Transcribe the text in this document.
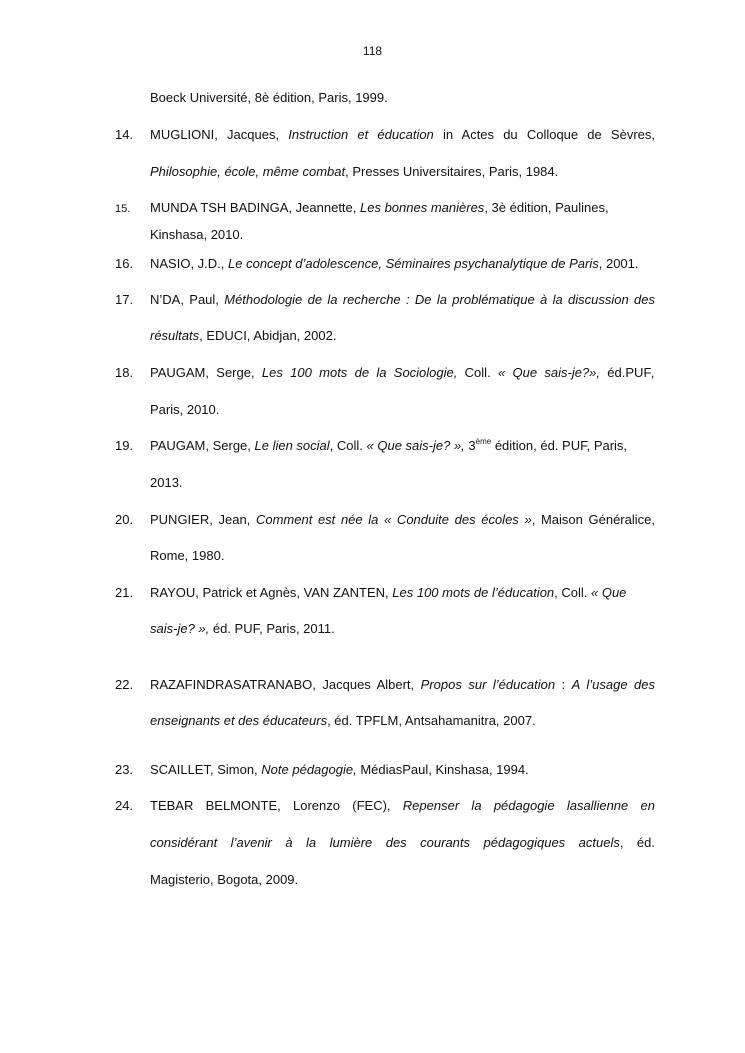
118
Boeck Université, 8è édition, Paris, 1999.
14. MUGLIONI, Jacques, Instruction et éducation in Actes du Colloque de Sèvres,
Philosophie, école, même combat, Presses Universitaires, Paris, 1984.
15. MUNDA TSH BADINGA, Jeannette, Les bonnes manières, 3è édition, Paulines,
Kinshasa, 2010.
16. NASIO, J.D., Le concept d’adolescence, Séminaires psychanalytique de Paris, 2001.
17. N’DA, Paul, Méthodologie de la recherche : De la problématique à la discussion des
résultats, EDUCI, Abidjan, 2002.
18. PAUGAM, Serge, Les 100 mots de la Sociologie, Coll. « Que sais-je?», éd.PUF,
Paris, 2010.
19. PAUGAM, Serge, Le lien social, Coll. « Que sais-je? », 3ème édition, éd. PUF, Paris,
2013.
20. PUNGIER, Jean, Comment est née la « Conduite des écoles », Maison Généralice,
Rome, 1980.
21. RAYOU, Patrick et Agnès, VAN ZANTEN, Les 100 mots de l’éducation, Coll. « Que
sais-je? », éd. PUF, Paris, 2011.
22. RAZAFINDRASATRANABO, Jacques Albert, Propos sur l’éducation : A l’usage des
enseignants et des éducateurs, éd. TPFLM, Antsahamanitra, 2007.
23. SCAILLET, Simon, Note pédagogie, MédiasPaul, Kinshasa, 1994.
24. TEBAR BELMONTE, Lorenzo (FEC), Repenser la pédagogie lasallienne en
considérant l’avenir à la lumière des courants pédagogiques actuels, éd.
Magisterio, Bogota, 2009.
